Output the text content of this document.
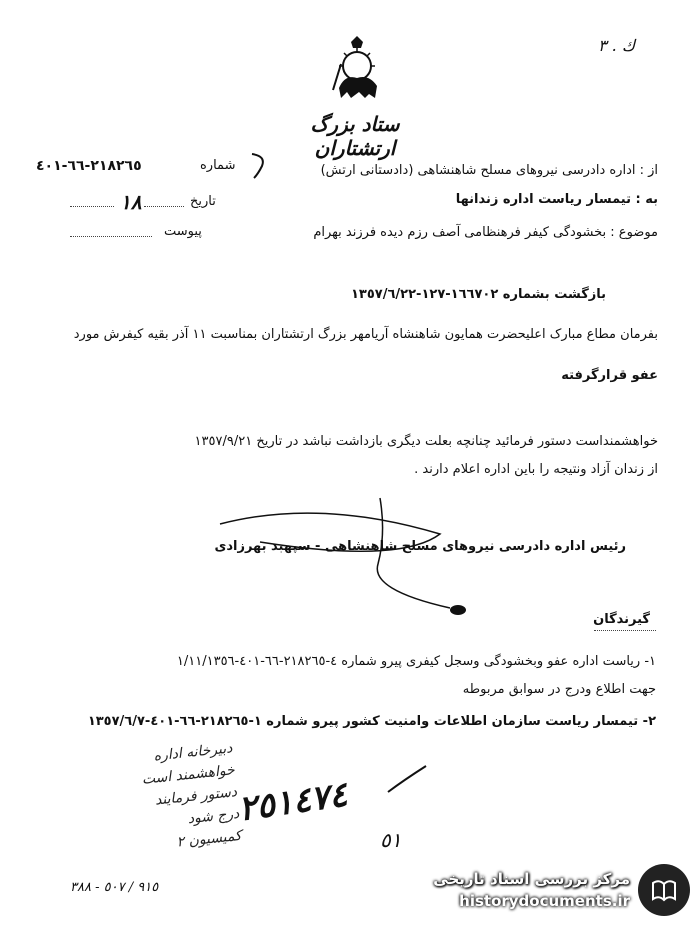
ك . ٣
ستاد بزرگ ارتشتاران
٢١٨٢٦٥-٦٦-٤٠١	شماره
١٨	تاریخ
پیوست
از : اداره دادرسی نیروهای مسلح شاهنشاهی (دادستانی ارتش)
به : تیمسار ریاست اداره زندانها
موضوع : بخشودگی کیفر فرهنظامی آصف رزم دیده فرزند بهرام
بازگشت بشماره ١٦٦٧٠٢-١٢٧-١٣٥٧/٦/٢٢
بفرمان مطاع مبارک اعلیحضرت همایون شاهنشاه آریامهر بزرگ ارتشتاران بمناسبت ١١ آذر بقیه کیفرش مورد
عفو قرارگرفته
خواهشمنداست دستور فرمائید چنانچه بعلت دیگری بازداشت نباشد در تاریخ ١٣٥٧/٩/٢١
از زندان آزاد ونتیجه را باین اداره اعلام دارند .
رئیس اداره دادرسی نیروهای مسلح شاهنشاهی - سپهبد بهرزادی
گیرندگان
١- ریاست اداره عفو وبخشودگی وسجل کیفری پیرو شماره ٤-٢١٨٢٦٥-٦٦-٤٠١-١/١١/١٣٥٦
جهت اطلاع ودرج در سوابق مربوطه
٢- تیمسار ریاست سازمان اطلاعات وامنیت کشور پیرو شماره ١-٢١٨٢٦٥-٦٦-٤٠١-١٣٥٧/٦/٧
دبیرخانه اداره
خواهشمند است
دستور فرمایند
درج شود
کمیسیون ٢
٢٥١٤٧٤
٥١
٩١٥ / ٥٠٧ - ٣٨٨	مرکز بررسی اسناد تاریخی
historydocuments.ir
